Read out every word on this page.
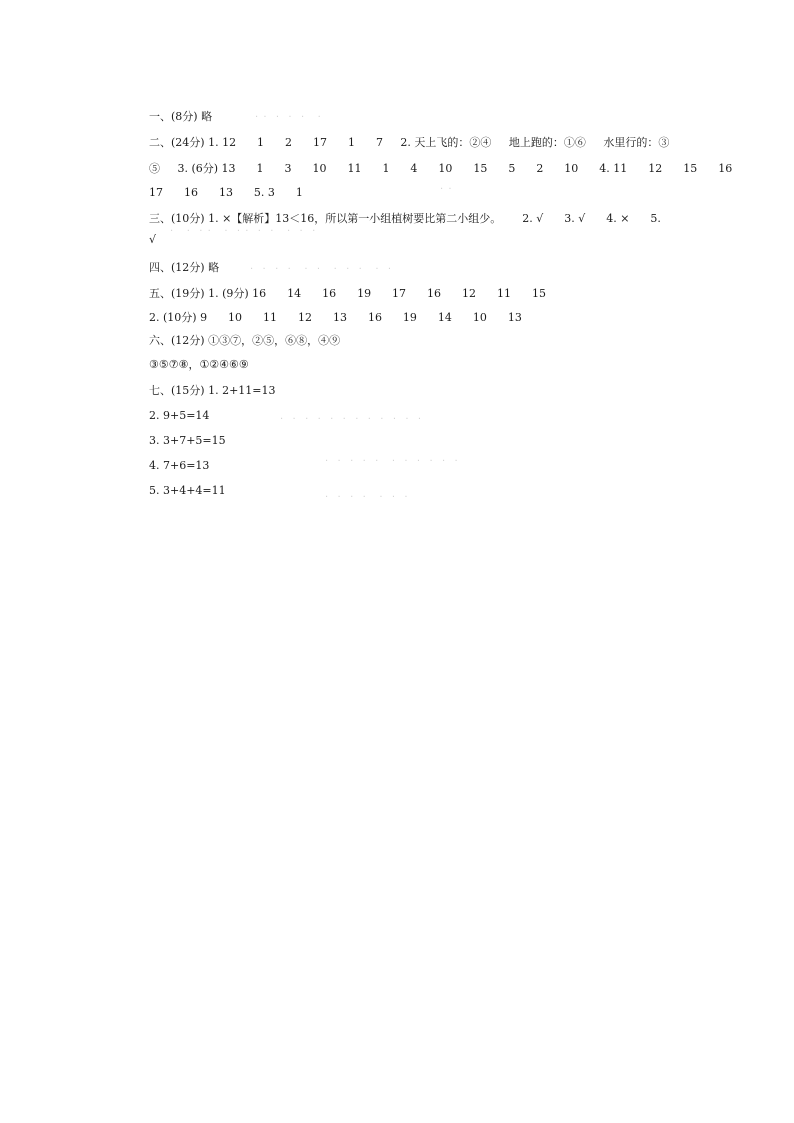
· ·  ·  ·  ·   ·
· ·
·   ·  · ·   ·  · ·  ·  ·   ·  ·  ·
·  ·  ·  ·   ·  ·   ·  ·  ·   ·  ·
·  ·  ·  ·  ·  ·  ·  ·  ·  ·  ·  ·
·  ·  ·  ·  ·   ·  ·  ·  ·  ·  ·
·  ·  ·  ·   ·  ·  ·
一、(8分) 略
二、(24分) 1. 12      1      2      17      1      7     2. 天上飞的：②④     地上跑的：①⑥     水里行的：③
⑤     3. (6分) 13      1      3      10      11      1      4      10      15      5      2      10      4. 11      12      15      16
17      16      13      5. 3      1
三、(10分) 1. ×【解析】13＜16，所以第一小组植树要比第二小组少。      2. √      3. √      4. ×      5.
√
四、(12分) 略
五、(19分) 1. (9分) 16      14      16      19      17      16      12      11      15
2. (10分) 9      10      11      12      13      16      19      14      10      13
六、(12分) ①③⑦，②⑤，⑥⑧，④⑨
③⑤⑦⑧，①②④⑥⑨
七、(15分) 1. 2+11=13
2. 9+5=14
3. 3+7+5=15
4. 7+6=13
5. 3+4+4=11
